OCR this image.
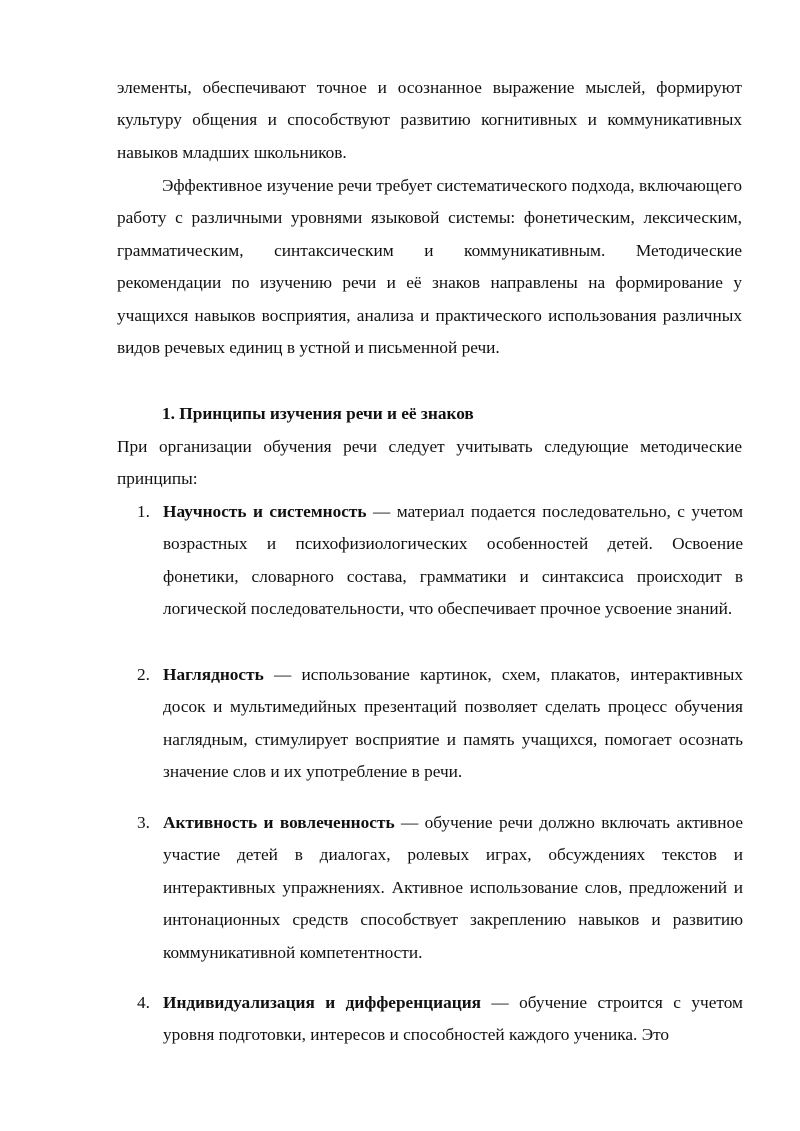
элементы, обеспечивают точное и осознанное выражение мыслей, формируют культуру общения и способствуют развитию когнитивных и коммуникативных навыков младших школьников.

Эффективное изучение речи требует систематического подхода, включающего работу с различными уровнями языковой системы: фонетическим, лексическим, грамматическим, синтаксическим и коммуникативным. Методические рекомендации по изучению речи и её знаков направлены на формирование у учащихся навыков восприятия, анализа и практического использования различных видов речевых единиц в устной и письменной речи.

1. Принципы изучения речи и её знаков

При организации обучения речи следует учитывать следующие методические принципы:

1. Научность и системность — материал подается последовательно, с учетом возрастных и психофизиологических особенностей детей. Освоение фонетики, словарного состава, грамматики и синтаксиса происходит в логической последовательности, что обеспечивает прочное усвоение знаний.

2. Наглядность — использование картинок, схем, плакатов, интерактивных досок и мультимедийных презентаций позволяет сделать процесс обучения наглядным, стимулирует восприятие и память учащихся, помогает осознать значение слов и их употребление в речи.

3. Активность и вовлеченность — обучение речи должно включать активное участие детей в диалогах, ролевых играх, обсуждениях текстов и интерактивных упражнениях. Активное использование слов, предложений и интонационных средств способствует закреплению навыков и развитию коммуникативной компетентности.

4. Индивидуализация и дифференциация — обучение строится с учетом уровня подготовки, интересов и способностей каждого ученика. Это
